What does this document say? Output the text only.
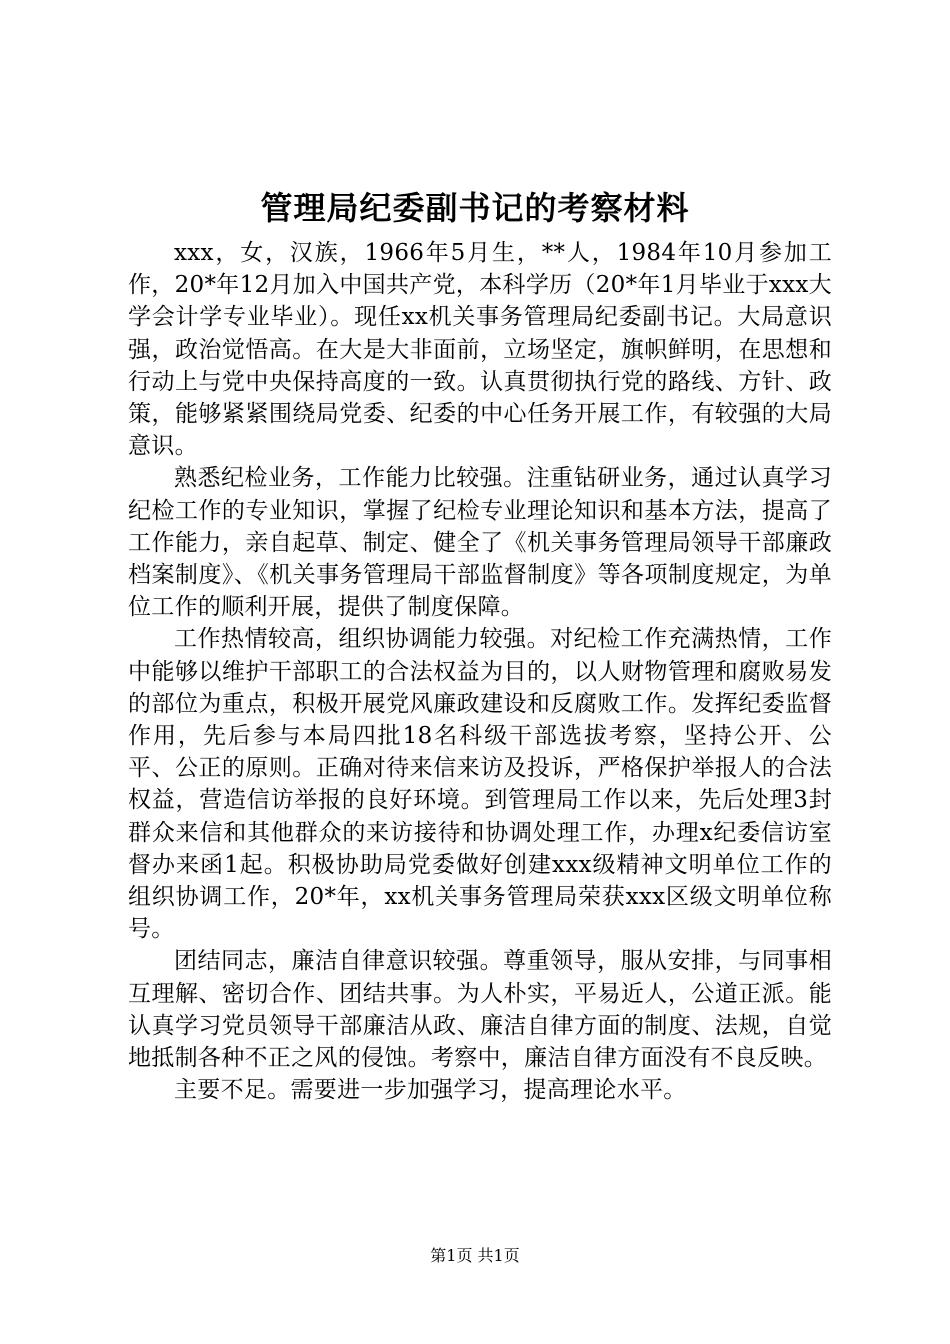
管理局纪委副书记的考察材料

xxx，女，汉族，1966年5月生，**人，1984年10月参加工作，20*年12月加入中国共产党，本科学历（20*年1月毕业于xxx大学会计学专业毕业）。现任xx机关事务管理局纪委副书记。大局意识强，政治觉悟高。在大是大非面前，立场坚定，旗帜鲜明，在思想和行动上与党中央保持高度的一致。认真贯彻执行党的路线、方针、政策，能够紧紧围绕局党委、纪委的中心任务开展工作，有较强的大局意识。

熟悉纪检业务，工作能力比较强。注重钻研业务，通过认真学习纪检工作的专业知识，掌握了纪检专业理论知识和基本方法，提高了工作能力，亲自起草、制定、健全了《机关事务管理局领导干部廉政档案制度》、《机关事务管理局干部监督制度》等各项制度规定，为单位工作的顺利开展，提供了制度保障。

工作热情较高，组织协调能力较强。对纪检工作充满热情，工作中能够以维护干部职工的合法权益为目的，以人财物管理和腐败易发的部位为重点，积极开展党风廉政建设和反腐败工作。发挥纪委监督作用，先后参与本局四批18名科级干部选拔考察，坚持公开、公平、公正的原则。正确对待来信来访及投诉，严格保护举报人的合法权益，营造信访举报的良好环境。到管理局工作以来，先后处理3封群众来信和其他群众的来访接待和协调处理工作，办理x纪委信访室督办来函1起。积极协助局党委做好创建xxx级精神文明单位工作的组织协调工作，20*年，xx机关事务管理局荣获xxx区级文明单位称号。

团结同志，廉洁自律意识较强。尊重领导，服从安排，与同事相互理解、密切合作、团结共事。为人朴实，平易近人，公道正派。能认真学习党员领导干部廉洁从政、廉洁自律方面的制度、法规，自觉地抵制各种不正之风的侵蚀。考察中，廉洁自律方面没有不良反映。

主要不足。需要进一步加强学习，提高理论水平。

第1页 共1页
